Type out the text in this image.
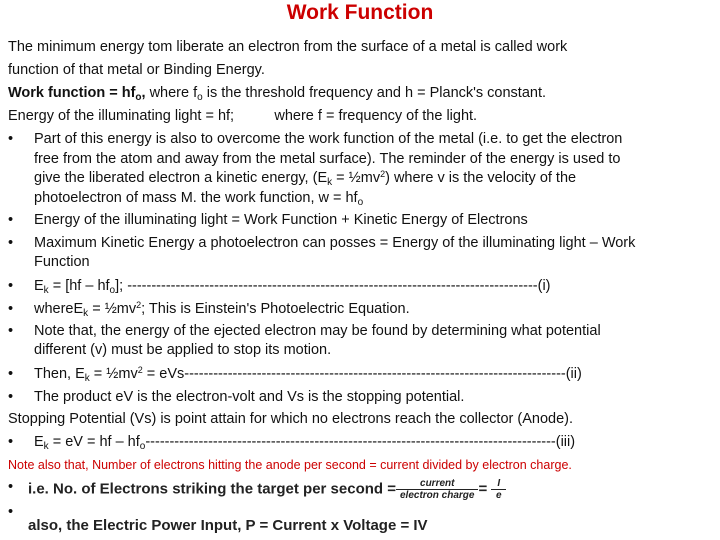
Work Function
The minimum energy tom liberate an electron from the surface of a metal is called work
function of that metal or Binding Energy.
Work function = $hf_o$, where $f_o$ is the threshold frequency and h = Planck's constant.
Energy of the illuminating light = hf;          where f = frequency of the light.
• Part of this energy is also to overcome the work function of the metal (i.e. to get the electron
free from the atom and away from the metal surface). The reminder of the energy is used to
give the liberated electron a kinetic energy, ($E_k$ = $\frac{1}{2}mv^2$) where v is the velocity of the
photoelectron of mass M. the work function, $w = hf_o$
• Energy of the illuminating light = Work Function + Kinetic Energy of Electrons
• Maximum Kinetic Energy a photoelectron can posses = Energy of the illuminating light – Work
Function
• $E_k = [hf - hf_o]$; -------------------------------------------------------------------------------------(i)
• whereE$_k$ = $\frac{1}{2}mv^2$; This is Einstein's Photoelectric Equation.
• Note that, the energy of the ejected electron may be found by determining what potential
different (v) must be applied to stop its motion.
• Then, $E_k$ = $\frac{1}{2}mv^2 = eVs-------------------------------------------------------------------------------(ii)$
• The product eV is the electron-volt and Vs is the stopping potential.
Stopping Potential (Vs) is point attain for which no electrons reach the collector (Anode).
• $E_k$ = eV = hf – $hf_o-------------------------------------------------------------------------------------(iii)$
Note also that, Number of electrons hitting the anode per second = current divided by electron charge.
• i.e. No. of Electrons striking the target per second = $\frac{\text{current}}{\text{electron charge}} = \frac{I}{e}$
•
also, the Electric Power Input, P = Current x Voltage = IV
